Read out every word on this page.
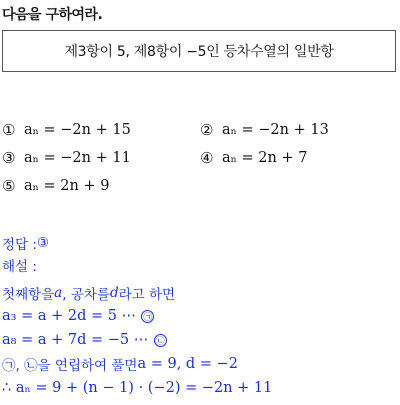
다음을 구하여라.
제3항이 5, 제8항이 −5인 등차수열의 일반항
① aₙ = −2n + 15	② aₙ = −2n + 13
③ aₙ = −2n + 11	④ aₙ = 2n + 7
⑤ aₙ = 2n + 9
정답 : ③
해설 :
첫째항을 a , 공차를 d 라고 하면
a₃ = a + 2d = 5 ⋯
㉠
a₈ = a + 7d = −5 ⋯
㉡
㉠, ㉡ 을 연립하여 풀면 a = 9, d = −2
∴ aₙ = 9 + (n − 1) · (−2) = −2n + 11
